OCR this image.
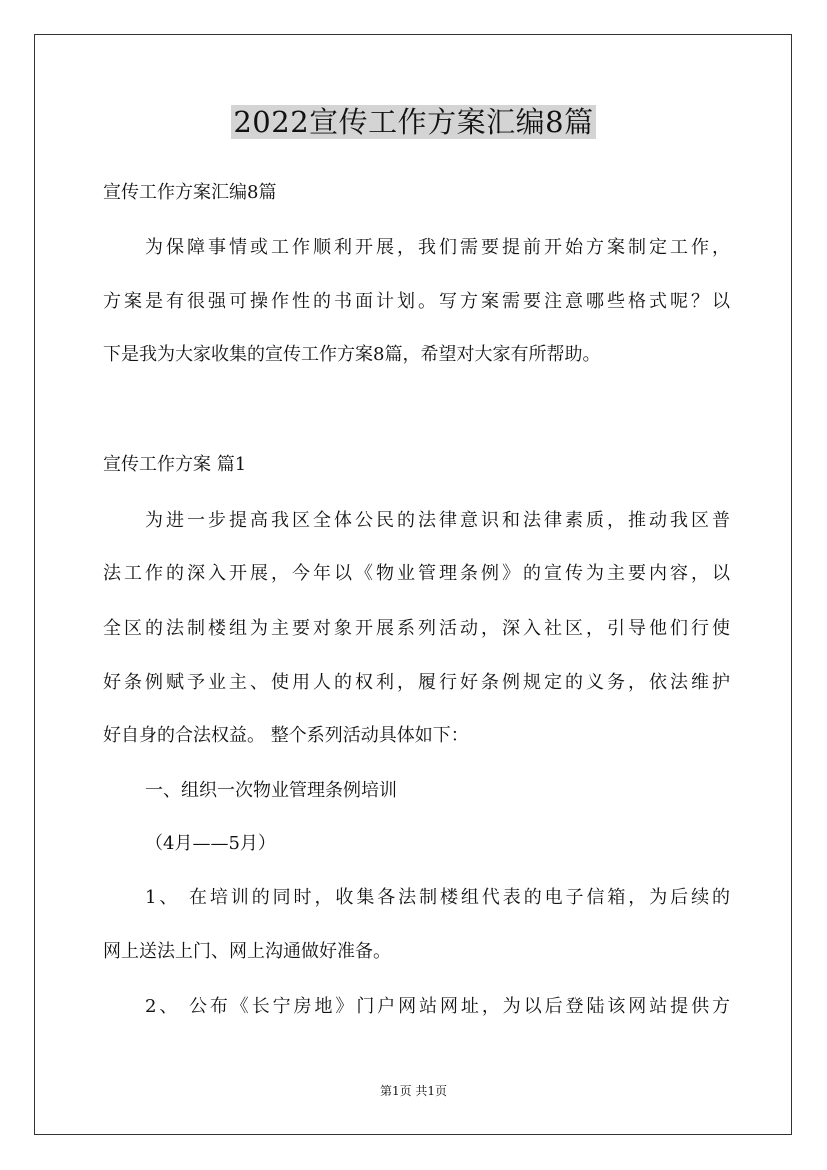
2022宣传工作方案汇编8篇

宣传工作方案汇编8篇

为保障事情或工作顺利开展，我们需要提前开始方案制定工作，

方案是有很强可操作性的书面计划。写方案需要注意哪些格式呢？以

下是我为大家收集的宣传工作方案8篇，希望对大家有所帮助。

宣传工作方案 篇1

为进一步提高我区全体公民的法律意识和法律素质，推动我区普

法工作的深入开展，今年以《物业管理条例》的宣传为主要内容，以

全区的法制楼组为主要对象开展系列活动，深入社区，引导他们行使

好条例赋予业主、使用人的权利，履行好条例规定的义务，依法维护

好自身的合法权益。 整个系列活动具体如下：

一、组织一次物业管理条例培训

（4月——5月）

1、 在培训的同时，收集各法制楼组代表的电子信箱，为后续的

网上送法上门、网上沟通做好准备。

2、 公布《长宁房地》门户网站网址，为以后登陆该网站提供方

第1页 共1页
